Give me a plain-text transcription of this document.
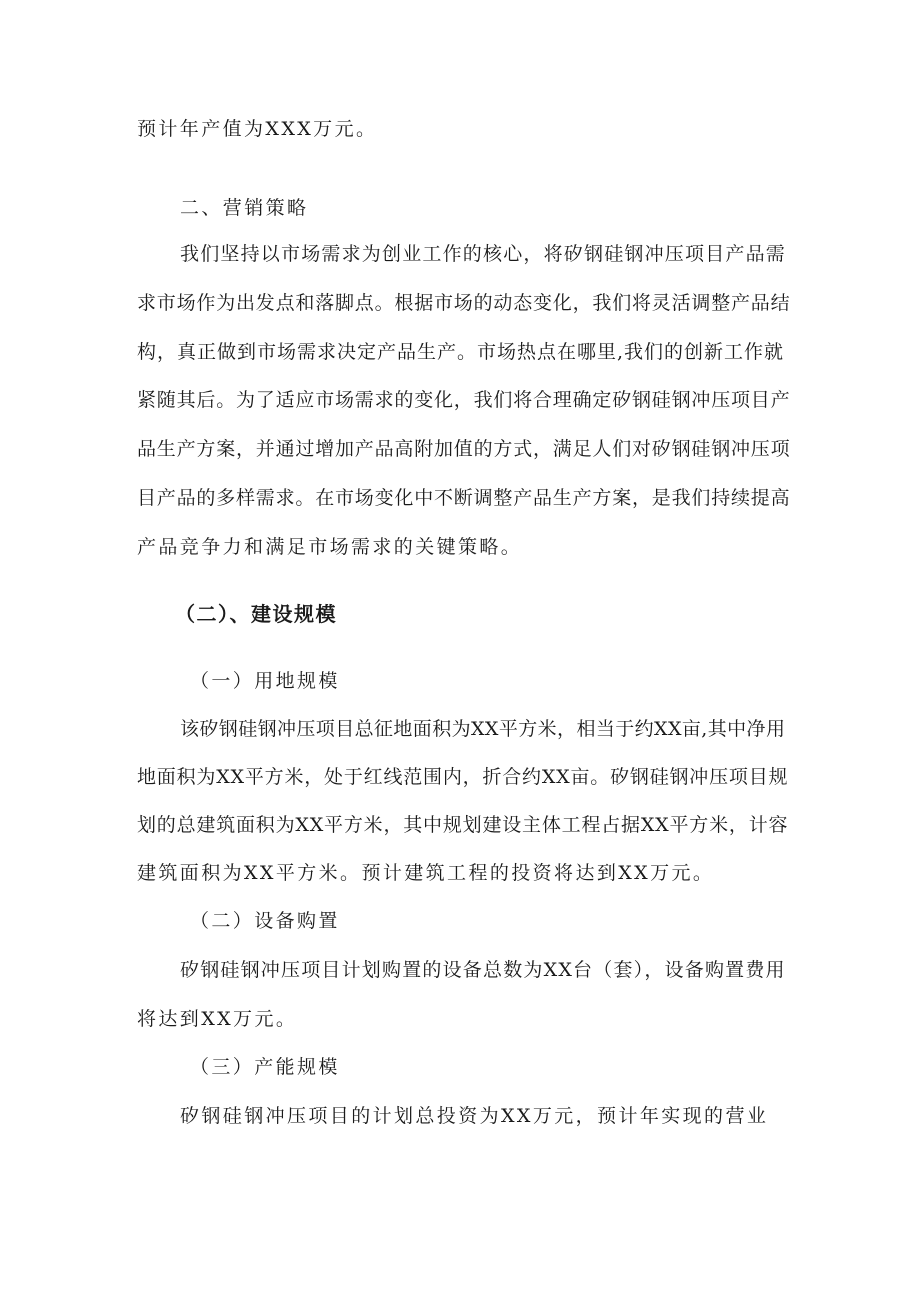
预计年产值为XXX万元。
二、营销策略
我们坚持以市场需求为创业工作的核心，将矽钢硅钢冲压项目产品需
求市场作为出发点和落脚点。根据市场的动态变化，我们将灵活调整产品结
构，真正做到市场需求决定产品生产。市场热点在哪里,我们的创新工作就
紧随其后。为了适应市场需求的变化，我们将合理确定矽钢硅钢冲压项目产
品生产方案，并通过增加产品高附加值的方式，满足人们对矽钢硅钢冲压项
目产品的多样需求。在市场变化中不断调整产品生产方案，是我们持续提高
产品竞争力和满足市场需求的关键策略。
（二）、建设规模
（一）用地规模
该矽钢硅钢冲压项目总征地面积为XX平方米，相当于约XX亩,其中净用
地面积为XX平方米，处于红线范围内，折合约XX亩。矽钢硅钢冲压项目规
划的总建筑面积为XX平方米，其中规划建设主体工程占据XX平方米，计容
建筑面积为XX平方米。预计建筑工程的投资将达到XX万元。
（二）设备购置
矽钢硅钢冲压项目计划购置的设备总数为XX台（套），设备购置费用
将达到XX万元。
（三）产能规模
矽钢硅钢冲压项目的计划总投资为XX万元，预计年实现的营业
